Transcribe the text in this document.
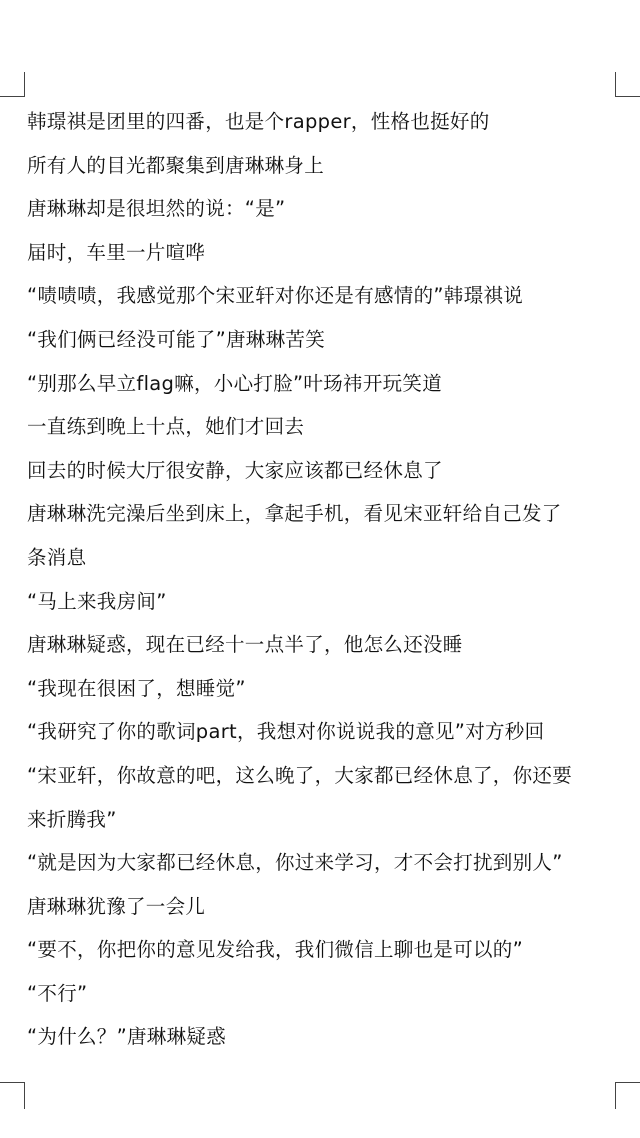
韩璟祺是团里的四番，也是个rapper，性格也挺好的
所有人的目光都聚集到唐琳琳身上
唐琳琳却是很坦然的说：“是”
届时，车里一片喧哗
“啧啧啧，我感觉那个宋亚轩对你还是有感情的”韩璟祺说
“我们俩已经没可能了”唐琳琳苦笑
“别那么早立flag嘛，小心打脸”叶玚祎开玩笑道
一直练到晚上十点，她们才回去
回去的时候大厅很安静，大家应该都已经休息了
唐琳琳洗完澡后坐到床上，拿起手机，看见宋亚轩给自己发了
条消息
“马上来我房间”
唐琳琳疑惑，现在已经十一点半了，他怎么还没睡
“我现在很困了，想睡觉”
“我研究了你的歌词part，我想对你说说我的意见”对方秒回
“宋亚轩，你故意的吧，这么晚了，大家都已经休息了，你还要
来折腾我”
“就是因为大家都已经休息，你过来学习，才不会打扰到别人”
唐琳琳犹豫了一会儿
“要不，你把你的意见发给我，我们微信上聊也是可以的”
“不行”
“为什么？”唐琳琳疑惑
